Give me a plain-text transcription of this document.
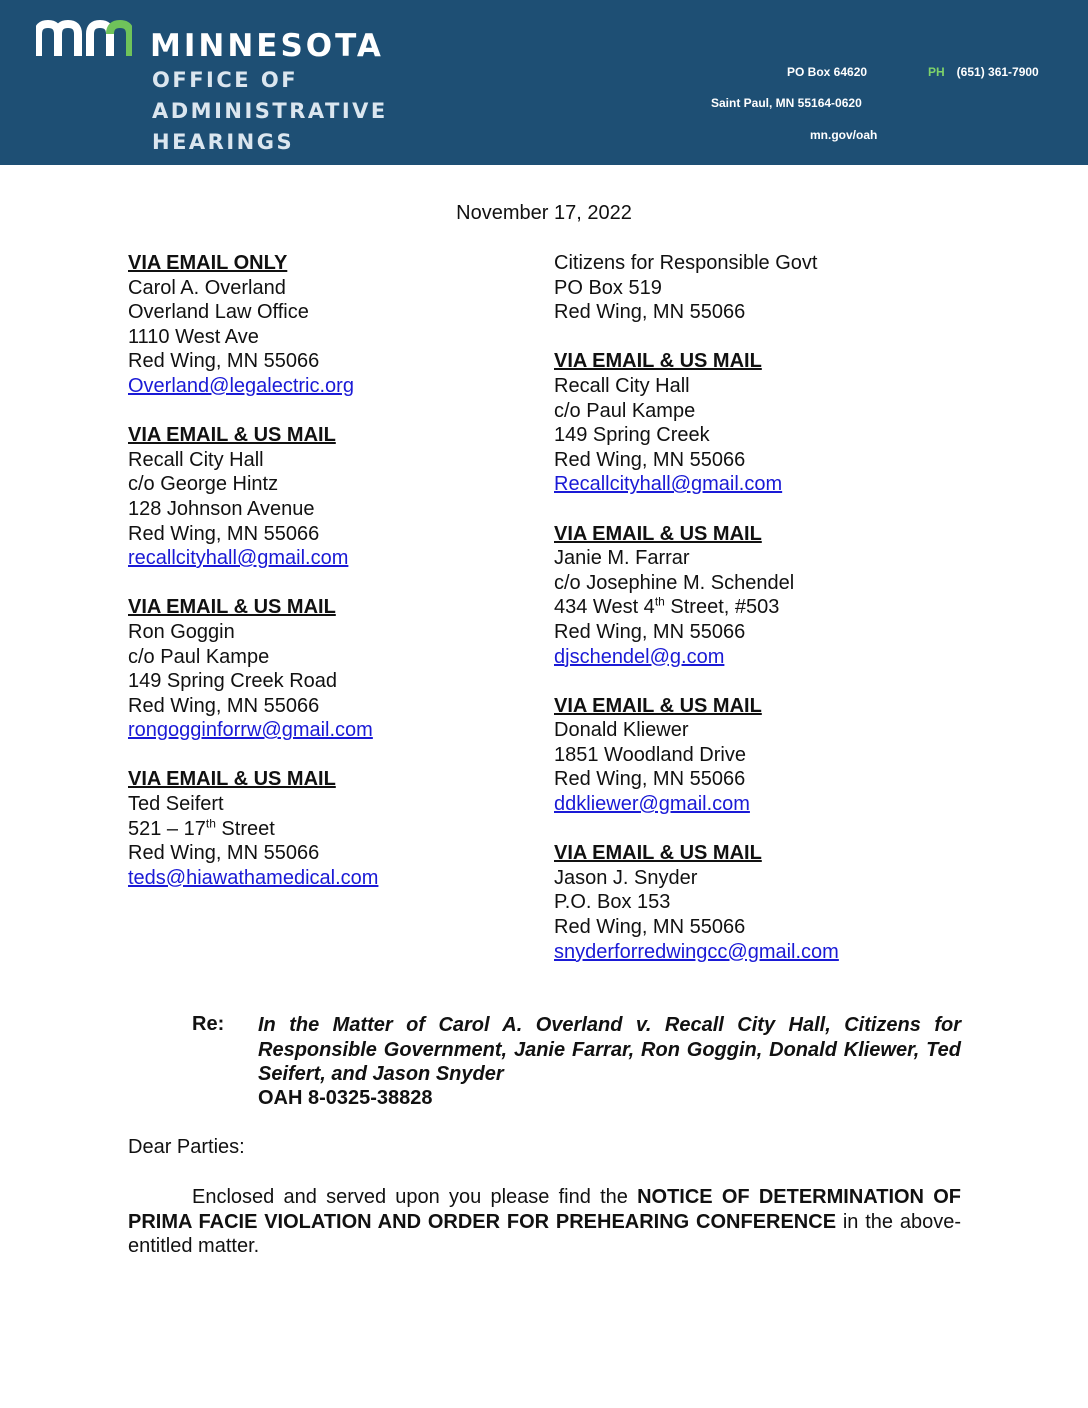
MINNESOTA
OFFICE OF
ADMINISTRATIVE
HEARINGS
PO Box 64620	PH (651) 361-7900
Saint Paul, MN 55164-0620
mn.gov/oah
November 17, 2022
VIA EMAIL ONLY
Carol A. Overland
Overland Law Office
1110 West Ave
Red Wing, MN 55066
Overland@legalectric.org
VIA EMAIL & US MAIL
Recall City Hall
c/o George Hintz
128 Johnson Avenue
Red Wing, MN 55066
recallcityhall@gmail.com
VIA EMAIL & US MAIL
Ron Goggin
c/o Paul Kampe
149 Spring Creek Road
Red Wing, MN 55066
rongogginforrw@gmail.com
VIA EMAIL & US MAIL
Ted Seifert
521 – 17th Street
Red Wing, MN 55066
teds@hiawathamedical.com
Citizens for Responsible Govt
PO Box 519
Red Wing, MN 55066
VIA EMAIL & US MAIL
Recall City Hall
c/o Paul Kampe
149 Spring Creek
Red Wing, MN 55066
Recallcityhall@gmail.com
VIA EMAIL & US MAIL
Janie M. Farrar
c/o Josephine M. Schendel
434 West 4th Street, #503
Red Wing, MN 55066
djschendel@g.com
VIA EMAIL & US MAIL
Donald Kliewer
1851 Woodland Drive
Red Wing, MN 55066
ddkliewer@gmail.com
VIA EMAIL & US MAIL
Jason J. Snyder
P.O. Box 153
Red Wing, MN 55066
snyderforredwingcc@gmail.com
Re: In the Matter of Carol A. Overland v. Recall City Hall, Citizens for Responsible Government, Janie Farrar, Ron Goggin, Donald Kliewer, Ted Seifert, and Jason Snyder
OAH 8-0325-38828
Dear Parties:
Enclosed and served upon you please find the NOTICE OF DETERMINATION OF PRIMA FACIE VIOLATION AND ORDER FOR PREHEARING CONFERENCE in the above-entitled matter.
